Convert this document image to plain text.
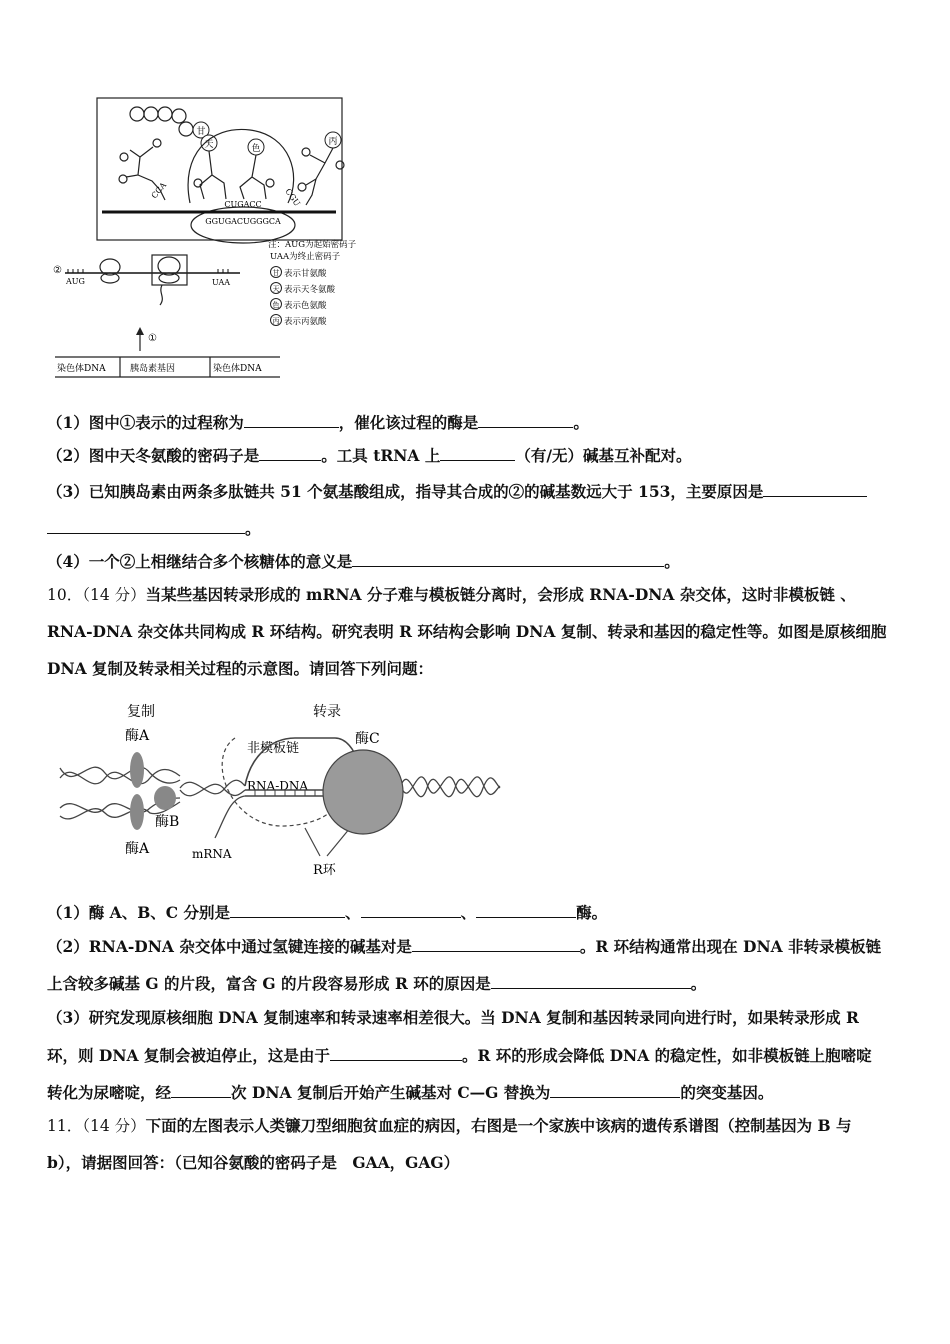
甘
天	色
丙
CCA
CUGACC	CGU
GGUGACUGGGCA
注：AUG为起始密码子
UAA为终止密码子
甘 表示甘氨酸
天 表示天冬氨酸
色 表示色氨酸
丙 表示丙氨酸
②
AUG	UAA
①
染色体DNA	胰岛素基因	染色体DNA
（1）图中①表示的过程称为	，催化该过程的酶是	。
（2）图中天冬氨酸的密码子是	。工具 tRNA 上	（有/无）碱基互补配对。
（3）已知胰岛素由两条多肽链共 51 个氨基酸组成，指导其合成的②的碱基数远大于 153，主要原因是
。
（4）一个②上相继结合多个核糖体的意义是	。
10．（14 分）当某些基因转录形成的 mRNA 分子难与模板链分离时，会形成 RNA-DNA 杂交体，这时非模板链 、
RNA-DNA 杂交体共同构成 R 环结构。研究表明 R 环结构会影响 DNA 复制、转录和基因的稳定性等。如图是原核细胞
DNA 复制及转录相关过程的示意图。请回答下列问题：
复制	转录
酶A
酶A
酶B
酶C
非模板链
RNA-DNA
mRNA
R环
（1）酶 A、B、C 分别是	、	、	酶。
（2）RNA-DNA 杂交体中通过氢键连接的碱基对是	。R 环结构通常出现在 DNA 非转录模板链
上含较多碱基 G 的片段，富含 G 的片段容易形成 R 环的原因是	。
（3）研究发现原核细胞 DNA 复制速率和转录速率相差很大。当 DNA 复制和基因转录同向进行时，如果转录形成 R
环，则 DNA 复制会被迫停止，这是由于	。R 环的形成会降低 DNA 的稳定性，如非模板链上胞嘧啶
转化为尿嘧啶，经	次 DNA 复制后开始产生碱基对 C—G 替换为	的突变基因。
11．（14 分）下面的左图表示人类镰刀型细胞贫血症的病因，右图是一个家族中该病的遗传系谱图（控制基因为 B 与
b），请据图回答：（已知谷氨酸的密码子是　GAA，GAG）
